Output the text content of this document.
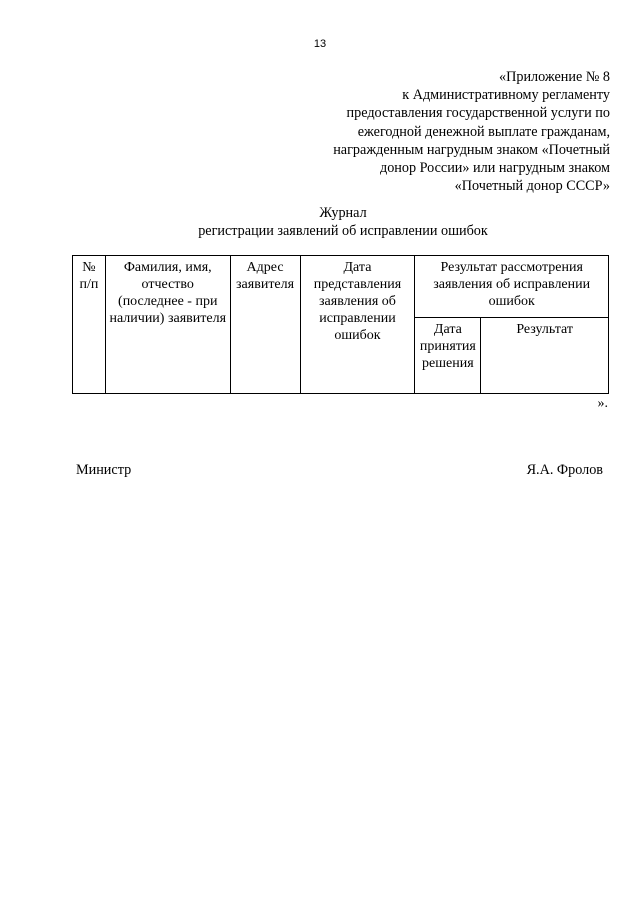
13
«Приложение № 8
к Административному регламенту
предоставления государственной услуги по
ежегодной денежной выплате гражданам,
награжденным нагрудным знаком «Почетный
донор России» или нагрудным знаком
«Почетный донор СССР»
Журнал
регистрации заявлений об исправлении ошибок
№ п/п	Фамилия, имя, отчество (последнее - при наличии) заявителя	Адрес заявителя	Дата представления заявления об исправлении ошибок	Результат рассмотрения заявления об исправлении ошибок	
				Дата принятия решения	Результат
».
Министр	Я.А. Фролов
